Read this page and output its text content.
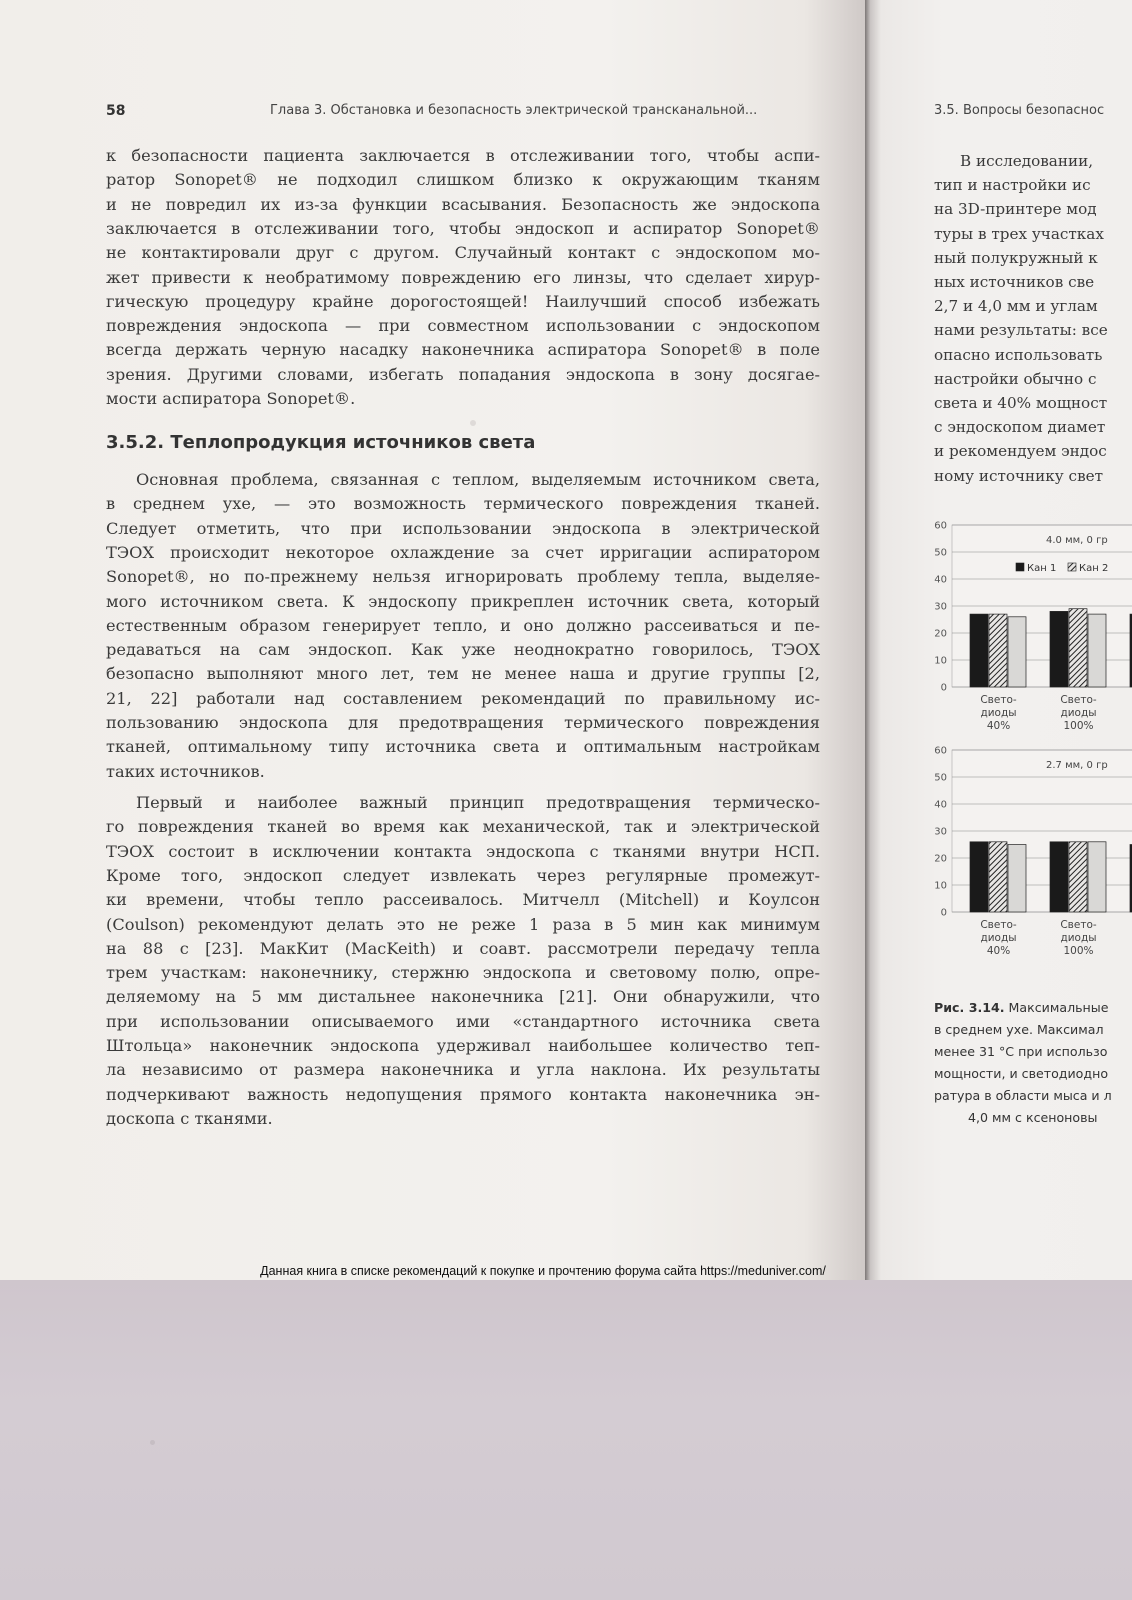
58	Глава 3. Обстановка и безопасность электрической трансканальной...
к безопасности пациента заключается в отслеживании того, чтобы аспи-
ратор Sonopet® не подходил слишком близко к окружающим тканям
и не повредил их из-за функции всасывания. Безопасность же эндоскопа
заключается в отслеживании того, чтобы эндоскоп и аспиратор Sonopet®
не контактировали друг с другом. Случайный контакт с эндоскопом мо-
жет привести к необратимому повреждению его линзы, что сделает хирур-
гическую процедуру крайне дорогостоящей! Наилучший способ избежать
повреждения эндоскопа — при совместном использовании с эндоскопом
всегда держать черную насадку наконечника аспиратора Sonopet® в поле
зрения. Другими словами, избегать попадания эндоскопа в зону досягае-
мости аспиратора Sonopet®.
Основная проблема, связанная с теплом, выделяемым источником света,
в среднем ухе, — это возможность термического повреждения тканей.
Следует отметить, что при использовании эндоскопа в электрической
ТЭОХ происходит некоторое охлаждение за счет ирригации аспиратором
Sonopet®, но по-прежнему нельзя игнорировать проблему тепла, выделяе-
мого источником света. К эндоскопу прикреплен источник света, который
естественным образом генерирует тепло, и оно должно рассеиваться и пе-
редаваться на сам эндоскоп. Как уже неоднократно говорилось, ТЭОХ
безопасно выполняют много лет, тем не менее наша и другие группы [2,
21, 22] работали над составлением рекомендаций по правильному ис-
пользованию эндоскопа для предотвращения термического повреждения
тканей, оптимальному типу источника света и оптимальным настройкам
таких источников.
Первый и наиболее важный принцип предотвращения термическо-
го повреждения тканей во время как механической, так и электрической
ТЭОХ состоит в исключении контакта эндоскопа с тканями внутри НСП.
Кроме того, эндоскоп следует извлекать через регулярные промежут-
ки времени, чтобы тепло рассеивалось. Митчелл (Mitchell) и Коулсон
(Coulson) рекомендуют делать это не реже 1 раза в 5 мин как минимум
на 88 с [23]. МакКит (MacKeith) и соавт. рассмотрели передачу тепла
трем участкам: наконечнику, стержню эндоскопа и световому полю, опре-
деляемому на 5 мм дистальнее наконечника [21]. Они обнаружили, что
при использовании описываемого ими «стандартного источника света
Штольца» наконечник эндоскопа удерживал наибольшее количество теп-
ла независимо от размера наконечника и угла наклона. Их результаты
подчеркивают важность недопущения прямого контакта наконечника эн-
доскопа с тканями.
3.5.2. Теплопродукция источников света
3.5. Вопросы безопаснос
В исследовании,
тип и настройки ис
на 3D-принтере мод
туры в трех участках
ный полукружный к
ных источников све
2,7 и 4,0 мм и углам
нами результаты: все
опасно использовать
настройки обычно с
света и 40% мощност
с эндоскопом диамет
и рекомендуем эндос
ному источнику свет
0
10
20
30
40
50
60
4.0 мм, 0 гр
Кан 1 Кан 2
Свето-
диоды
40%
Свето-
диоды
100%
0
10
20
30
40
50
60
2.7 мм, 0 гр
Свето-
диоды
40%
Свето-
диоды
100%
Рис. 3.14. Максимальные
в среднем ухе. Максимал
менее 31 °С при использо
мощности, и светодиодно
ратура в области мыса и л
4,0 мм с ксеноновы
Данная книга в списке рекомендаций к покупке и прочтению форума сайта https://meduniver.com/
